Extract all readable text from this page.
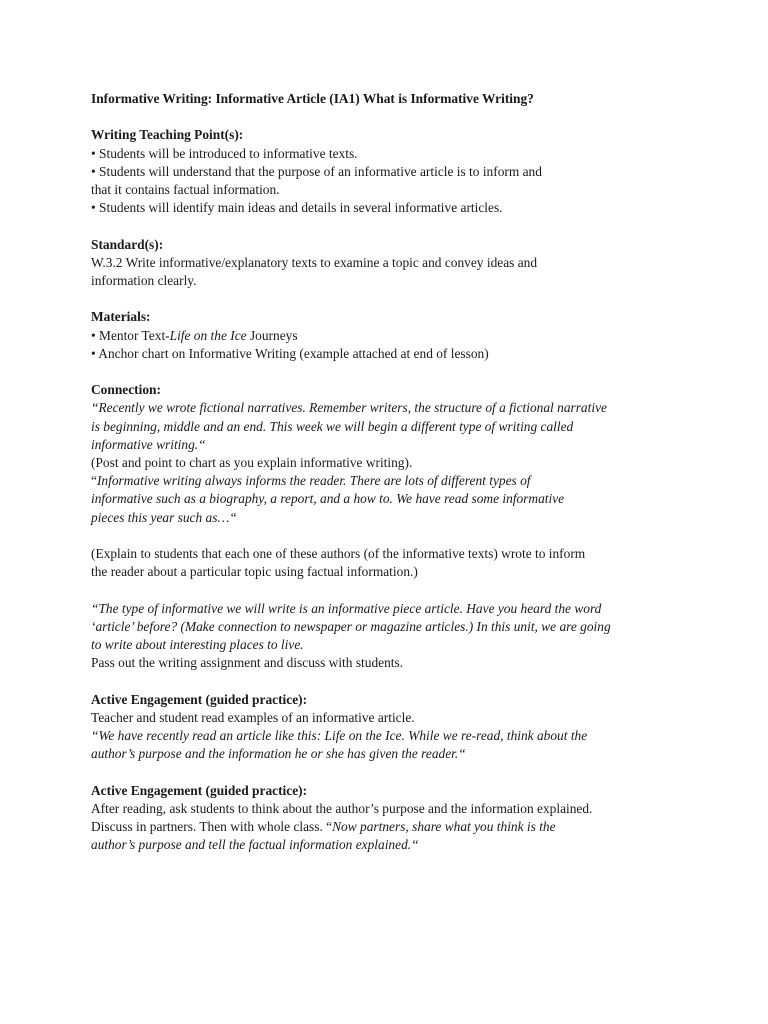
Informative Writing: Informative Article (IA1) What is Informative Writing?
Writing Teaching Point(s):
• Students will be introduced to informative texts.
• Students will understand that the purpose of an informative article is to inform and
that it contains factual information.
• Students will identify main ideas and details in several informative articles.
Standard(s):
W.3.2 Write informative/explanatory texts to examine a topic and convey ideas and
information clearly.
Materials:
• Mentor Text-Life on the Ice Journeys
• Anchor chart on Informative Writing (example attached at end of lesson)
Connection:
“Recently we wrote fictional narratives. Remember writers, the structure of a fictional narrative
is beginning, middle and an end. This week we will begin a different type of writing called
informative writing.“
(Post and point to chart as you explain informative writing).
“Informative writing always informs the reader. There are lots of different types of
informative such as a biography, a report, and a how to. We have read some informative
pieces this year such as…“
(Explain to students that each one of these authors (of the informative texts) wrote to inform
the reader about a particular topic using factual information.)
“The type of informative we will write is an informative piece article. Have you heard the word
‘article’ before? (Make connection to newspaper or magazine articles.) In this unit, we are going
to write about interesting places to live.
Pass out the writing assignment and discuss with students.
Active Engagement (guided practice):
Teacher and student read examples of an informative article.
“We have recently read an article like this: Life on the Ice. While we re-read, think about the
author’s purpose and the information he or she has given the reader.“
Active Engagement (guided practice):
After reading, ask students to think about the author’s purpose and the information explained.
Discuss in partners. Then with whole class. “Now partners, share what you think is the
author’s purpose and tell the factual information explained.“
